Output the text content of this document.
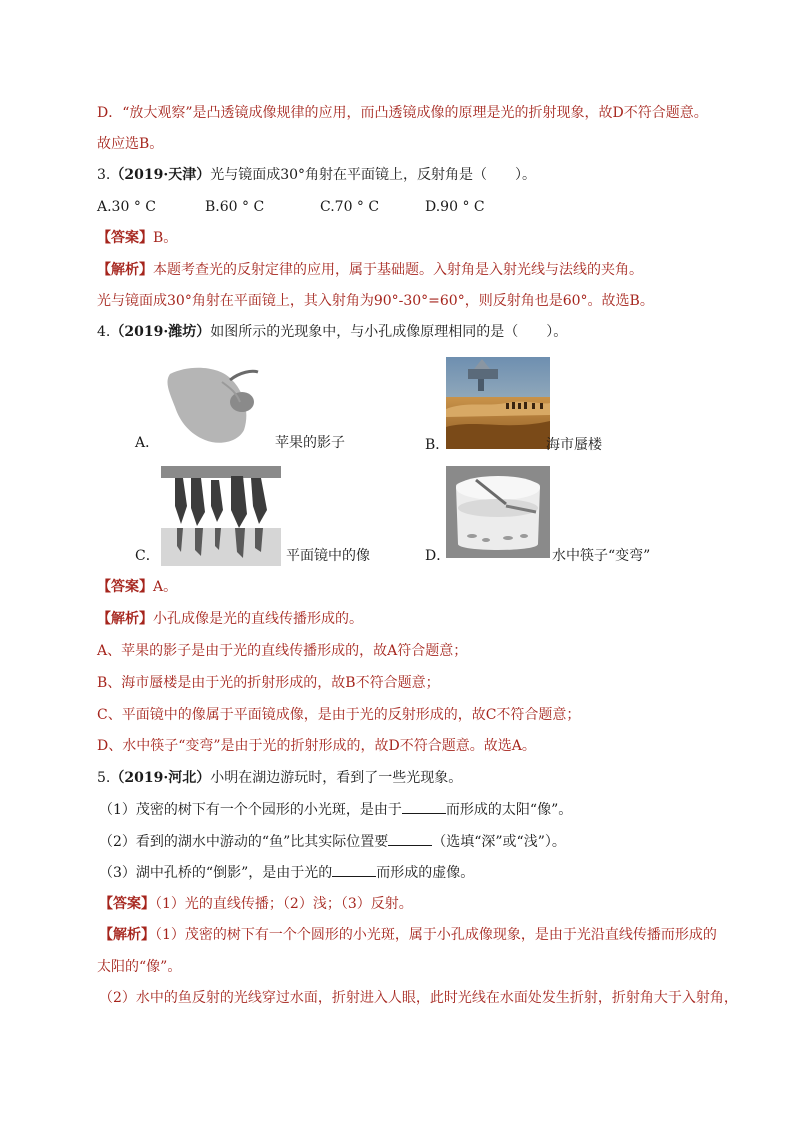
D．“放大观察”是凸透镜成像规律的应用，而凸透镜成像的原理是光的折射现象，故D不符合题意。
故应选B。
3.（2019·天津）光与镜面成30°角射在平面镜上，反射角是（　　）。
A.30 ° C	B.60 ° C	C.70 ° C	D.90 ° C
【答案】B。
【解析】本题考查光的反射定律的应用，属于基础题。入射角是入射光线与法线的夹角。
光与镜面成30°角射在平面镜上，其入射角为90°-30°=60°，则反射角也是60°。故选B。
4.（2019·潍坊）如图所示的光现象中，与小孔成像原理相同的是（　　）。
A．	苹果的影子	B．	海市蜃楼
C．	平面镜中的像	D．	水中筷子“变弯”
【答案】A。
【解析】小孔成像是光的直线传播形成的。
A、苹果的影子是由于光的直线传播形成的，故A符合题意；
B、海市蜃楼是由于光的折射形成的，故B不符合题意；
C、平面镜中的像属于平面镜成像，是由于光的反射形成的，故C不符合题意；
D、水中筷子“变弯”是由于光的折射形成的，故D不符合题意。故选A。
5.（2019·河北）小明在湖边游玩时，看到了一些光现象。
（1）茂密的树下有一个个园形的小光斑，是由于	而形成的太阳“像”。
（2）看到的湖水中游动的“鱼”比其实际位置要	（选填“深”或“浅”）。
（3）湖中孔桥的“倒影”，是由于光的	而形成的虚像。
【答案】（1）光的直线传播；（2）浅；（3）反射。
【解析】（1）茂密的树下有一个个圆形的小光斑，属于小孔成像现象，是由于光沿直线传播而形成的
太阳的“像”。
（2）水中的鱼反射的光线穿过水面，折射进入人眼，此时光线在水面处发生折射，折射角大于入射角，
